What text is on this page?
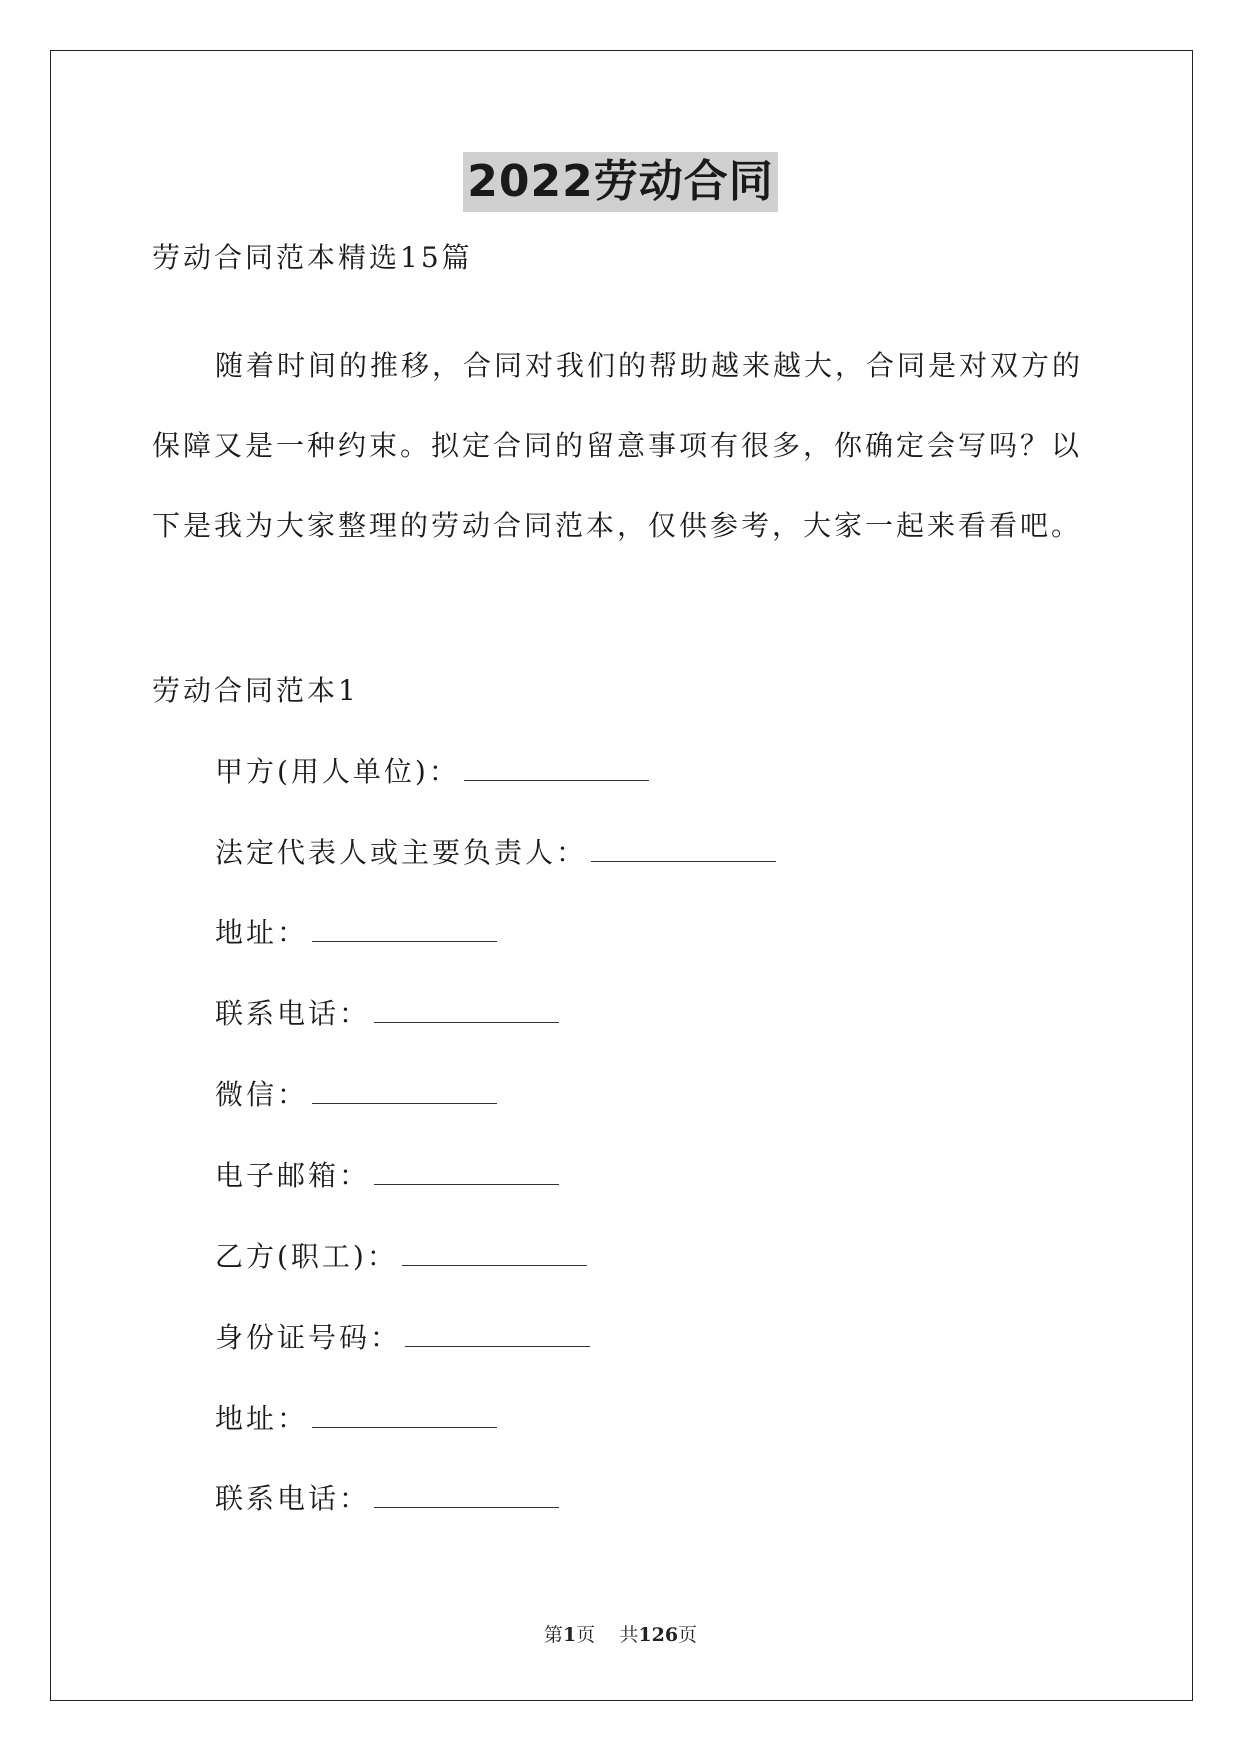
2022劳动合同
劳动合同范本精选15篇
随着时间的推移，合同对我们的帮助越来越大，合同是对双方的
保障又是一种约束。拟定合同的留意事项有很多，你确定会写吗？以
下是我为大家整理的劳动合同范本，仅供参考，大家一起来看看吧。
劳动合同范本1
甲方(用人单位)：
法定代表人或主要负责人：
地址：
联系电话：
微信：
电子邮箱：
乙方(职工)：
身份证号码：
地址：
联系电话：
第1页 共126页
